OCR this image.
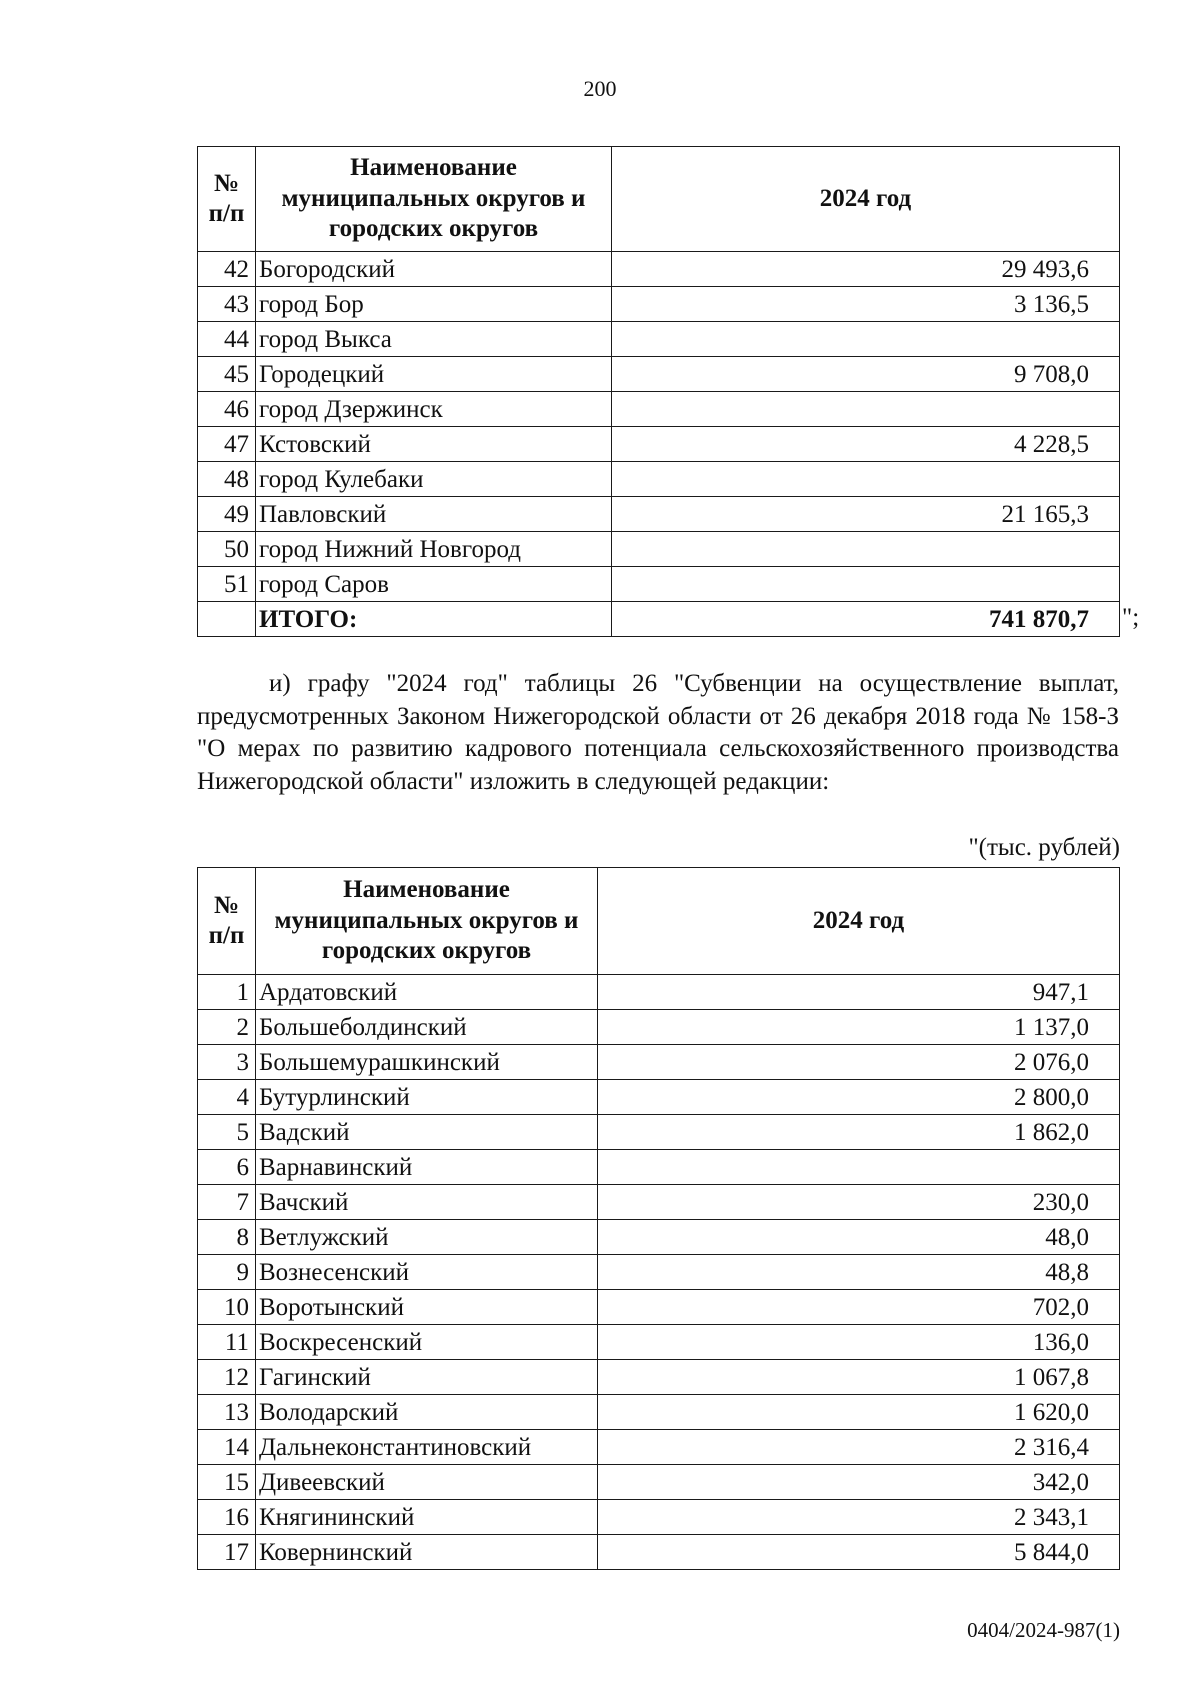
200
№ п/п	Наименование муниципальных округов и городских округов	2024 год
42	Богородский	29 493,6
43	город Бор	3 136,5
44	город Выкса	
45	Городецкий	9 708,0
46	город Дзержинск	
47	Кстовский	4 228,5
48	город Кулебаки	
49	Павловский	21 165,3
50	город Нижний Новгород	
51	город Саров	
	ИТОГО:	741 870,7 ";

и) графу "2024 год" таблицы 26 "Субвенции на осуществление выплат, предусмотренных Законом Нижегородской области от 26 декабря 2018 года № 158-З "О мерах по развитию кадрового потенциала сельскохозяйственного производства Нижегородской области" изложить в следующей редакции:

"(тыс. рублей)
№ п/п	Наименование муниципальных округов и городских округов	2024 год
1	Ардатовский	947,1
2	Большеболдинский	1 137,0
3	Большемурашкинский	2 076,0
4	Бутурлинский	2 800,0
5	Вадский	1 862,0
6	Варнавинский	
7	Вачский	230,0
8	Ветлужский	48,0
9	Вознесенский	48,8
10	Воротынский	702,0
11	Воскресенский	136,0
12	Гагинский	1 067,8
13	Володарский	1 620,0
14	Дальнеконстантиновский	2 316,4
15	Дивеевский	342,0
16	Княгининский	2 343,1
17	Ковернинский	5 844,0
0404/2024-987(1)
